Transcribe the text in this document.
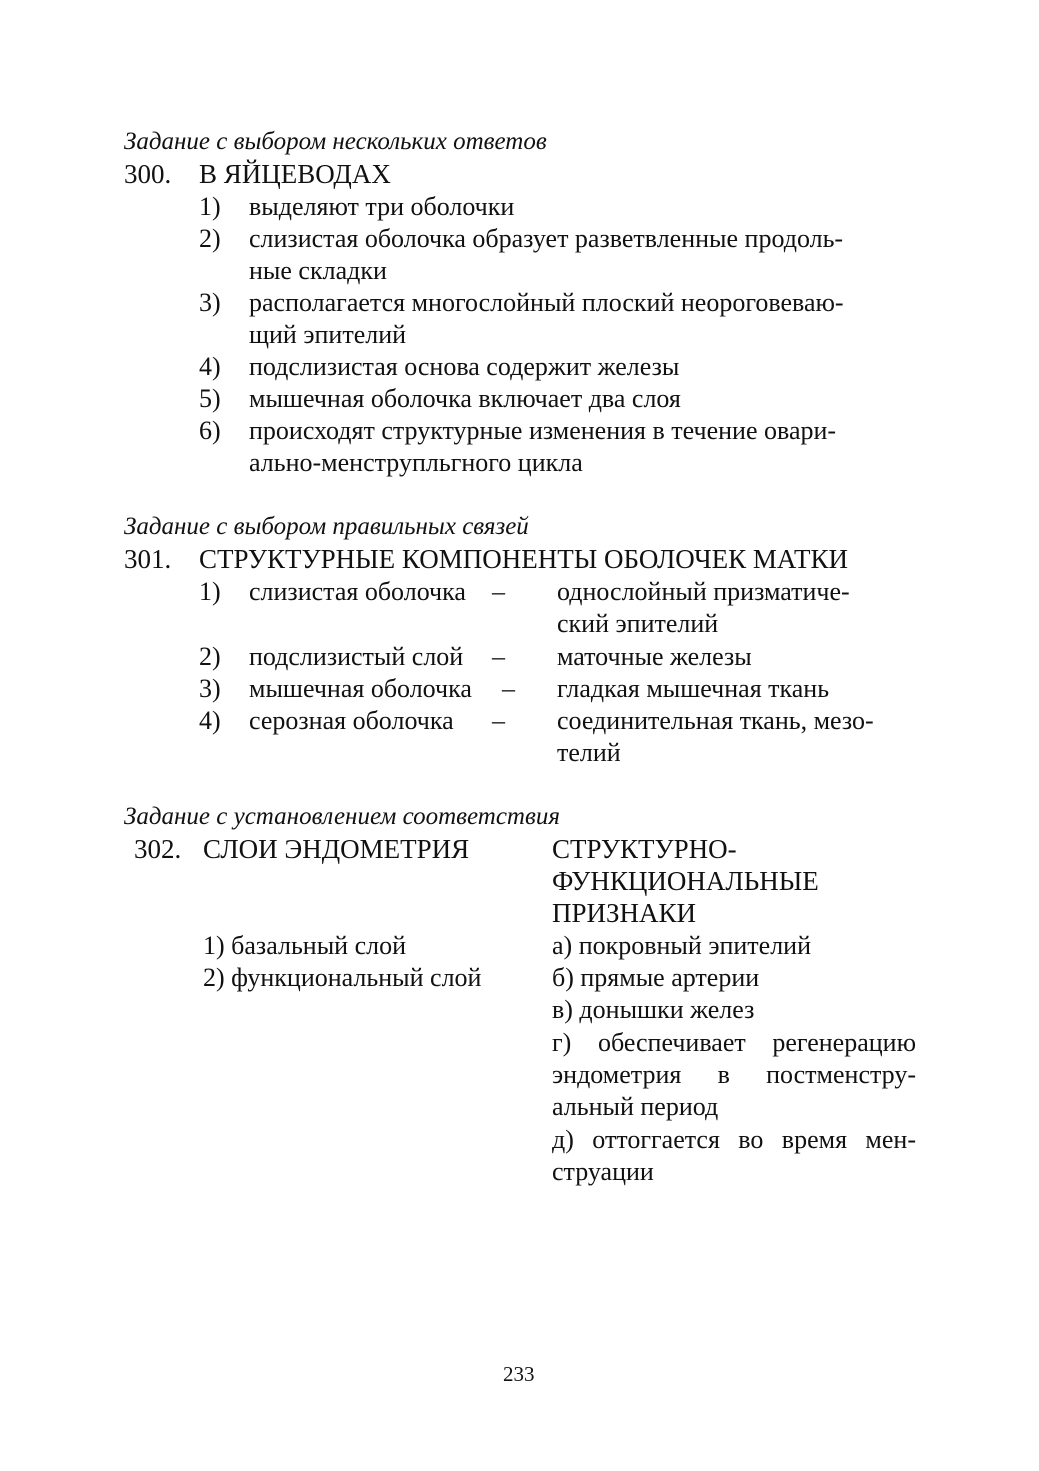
Задание с выбором нескольких ответов
300. В ЯЙЦЕВОДАХ
1) выделяют три оболочки
2) слизистая оболочка образует разветвленные продоль-
ные складки
3) располагается многослойный плоский неороговеваю-
щий эпителий
4) подслизистая основа содержит железы
5) мышечная оболочка включает два слоя
6) происходят структурные изменения в течение овари-
ально-менструпльгного цикла
Задание с выбором правильных связей
301. СТРУКТУРНЫЕ КОМПОНЕНТЫ ОБОЛОЧЕК МАТКИ
1) слизистая оболочка – однослойный призматиче-
ский эпителий
2) подслизистый слой – маточные железы
3) мышечная оболочка – гладкая мышечная ткань
4) серозная оболочка – соединительная ткань, мезо-
телий
Задание с установлением соответствия
302. СЛОИ ЭНДОМЕТРИЯ	СТРУКТУРНО-
ФУНКЦИОНАЛЬНЫЕ
ПРИЗНАКИ
1) базальный слой
2) функциональный слой
а) покровный эпителий
б) прямые артерии
в) донышки желез
г) обеспечивает регенерацию
эндометрия в постменстру-
альный период
д) оттоггается во время мен-
струации
233
